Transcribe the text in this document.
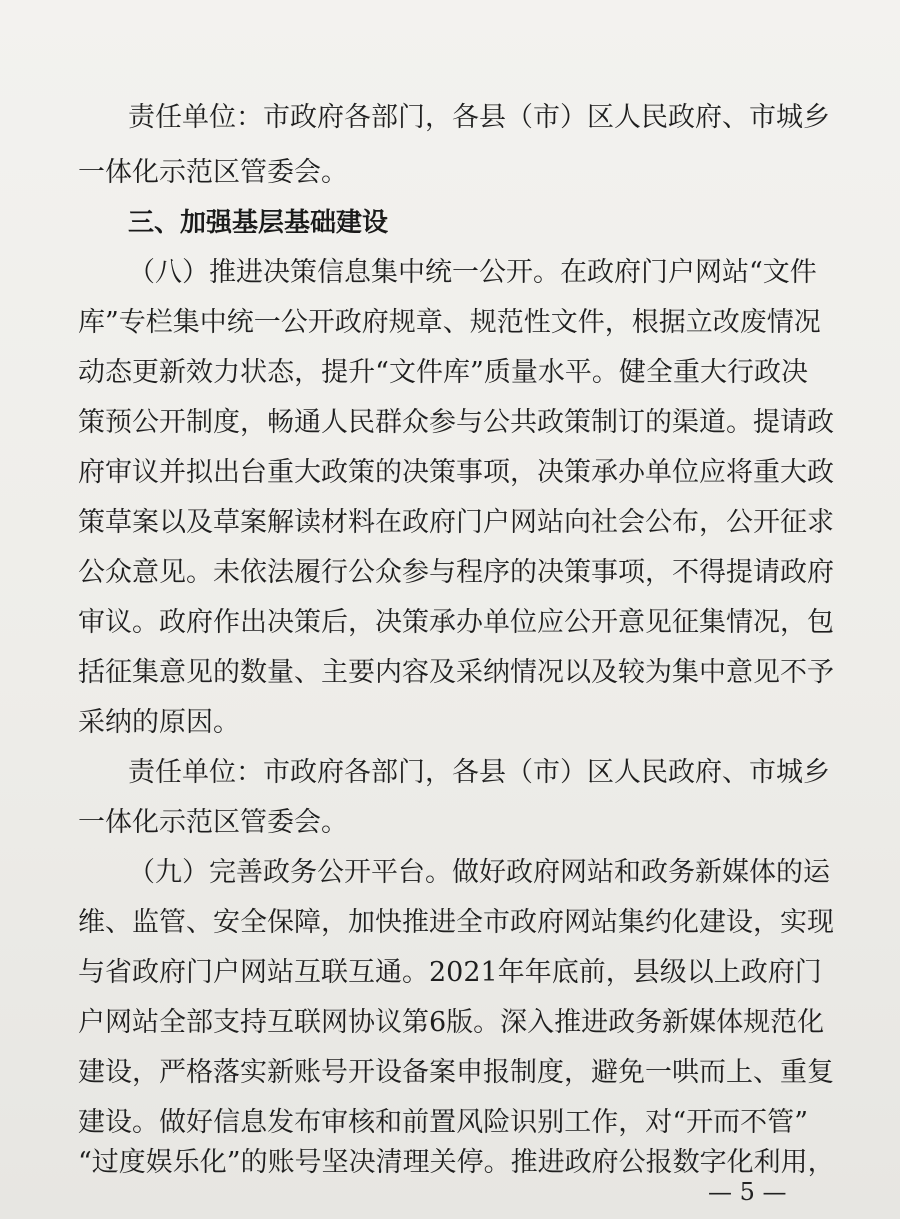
责任单位：市政府各部门，各县（市）区人民政府、市城乡
一体化示范区管委会。
三、加强基层基础建设
（八）推进决策信息集中统一公开。在政府门户网站“文件
库”专栏集中统一公开政府规章、规范性文件，根据立改废情况
动态更新效力状态，提升“文件库”质量水平。健全重大行政决
策预公开制度，畅通人民群众参与公共政策制订的渠道。提请政
府审议并拟出台重大政策的决策事项，决策承办单位应将重大政
策草案以及草案解读材料在政府门户网站向社会公布，公开征求
公众意见。未依法履行公众参与程序的决策事项，不得提请政府
审议。政府作出决策后，决策承办单位应公开意见征集情况，包
括征集意见的数量、主要内容及采纳情况以及较为集中意见不予
采纳的原因。
责任单位：市政府各部门，各县（市）区人民政府、市城乡
一体化示范区管委会。
（九）完善政务公开平台。做好政府网站和政务新媒体的运
维、监管、安全保障，加快推进全市政府网站集约化建设，实现
与省政府门户网站互联互通。2021年年底前，县级以上政府门
户网站全部支持互联网协议第6版。深入推进政务新媒体规范化
建设，严格落实新账号开设备案申报制度，避免一哄而上、重复
建设。做好信息发布审核和前置风险识别工作，对“开而不管”
“过度娱乐化”的账号坚决清理关停。推进政府公报数字化利用，
— 5 —
